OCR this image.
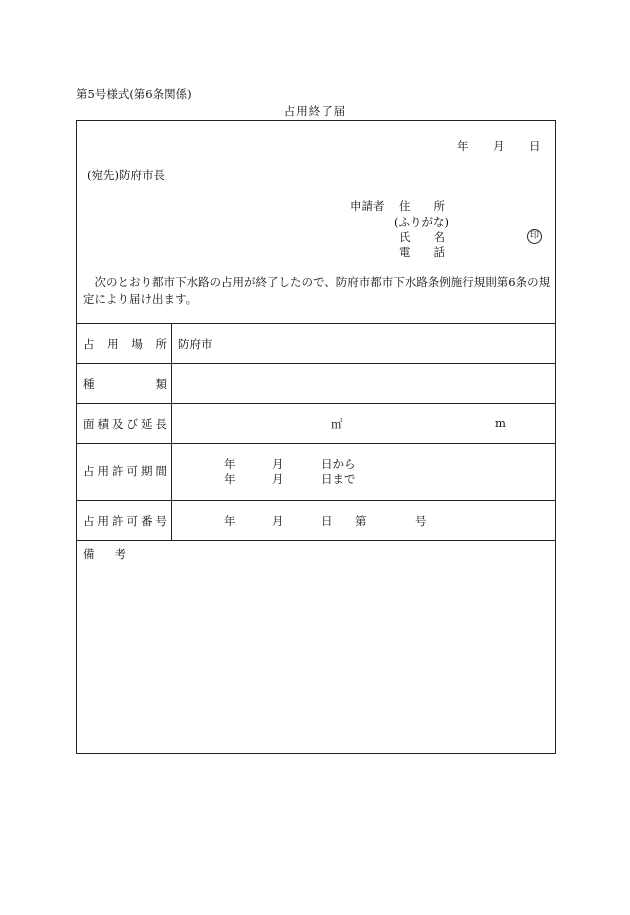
第5号様式(第6条関係)
占用終了届
年 月 日
(宛先)防府市長
申請者 住　　所
(ふりがな)
氏　　名	印
電　　話
次のとおり都市下水路の占用が終了したので、防府市都市下水路条例施行規則第6条の規定により届け出ます。
占用場所 防府市
種類
面積及び延長	㎡	m
占用許可期間	年	月	日から
年	月	日まで
占用許可番号	年	月	日 第	号
備考
